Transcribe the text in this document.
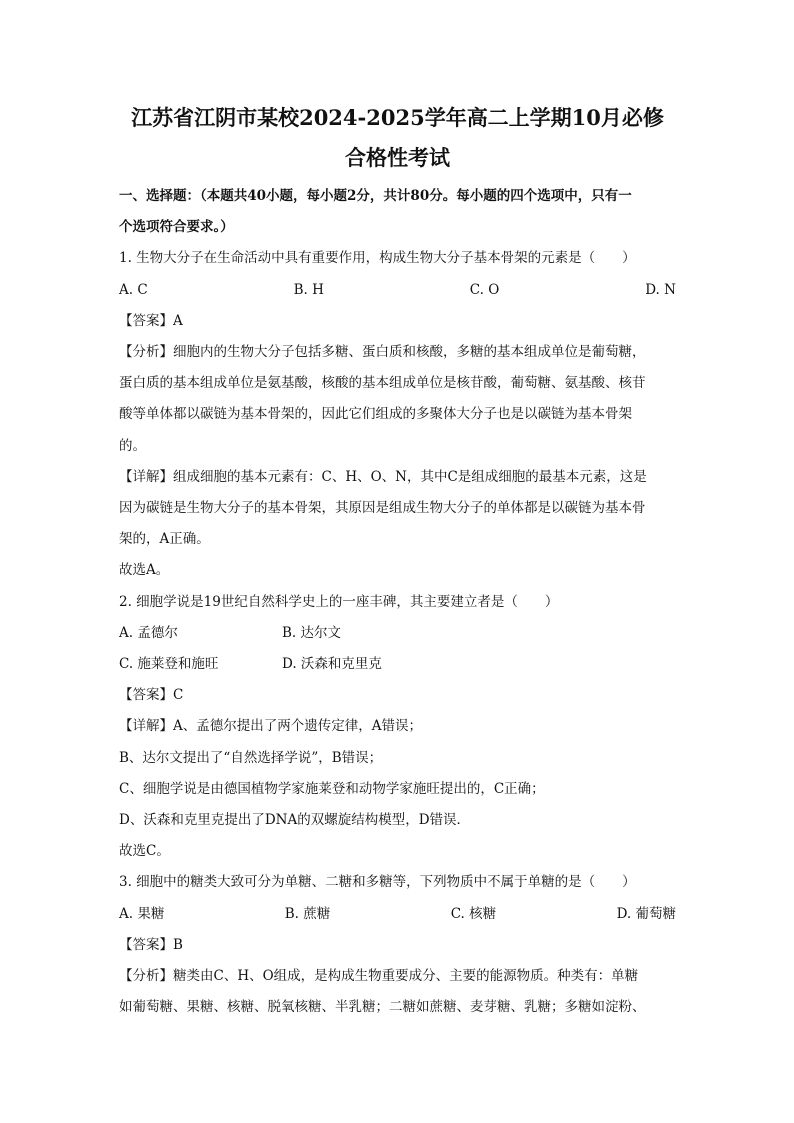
江苏省江阴市某校2024-2025学年高二上学期10月必修
合格性考试

一、选择题：（本题共40小题，每小题2分，共计80分。每小题的四个选项中，只有一

个选项符合要求。）

1. 生物大分子在生命活动中具有重要作用，构成生物大分子基本骨架的元素是（　　）

A. C	B. H	C. O	D. N

【答案】A

【分析】细胞内的生物大分子包括多糖、蛋白质和核酸，多糖的基本组成单位是葡萄糖，

蛋白质的基本组成单位是氨基酸，核酸的基本组成单位是核苷酸，葡萄糖、氨基酸、核苷

酸等单体都以碳链为基本骨架的，因此它们组成的多聚体大分子也是以碳链为基本骨架

的。

【详解】组成细胞的基本元素有：C、H、O、N，其中C是组成细胞的最基本元素，这是

因为碳链是生物大分子的基本骨架，其原因是组成生物大分子的单体都是以碳链为基本骨

架的，A正确。

故选A。

2. 细胞学说是19世纪自然科学史上的一座丰碑，其主要建立者是（　　）

A. 孟德尔	B. 达尔文
C. 施莱登和施旺	D. 沃森和克里克

【答案】C

【详解】A、孟德尔提出了两个遗传定律，A错误；

B、达尔文提出了“自然选择学说”，B错误；

C、细胞学说是由德国植物学家施莱登和动物学家施旺提出的，C正确；

D、沃森和克里克提出了DNA的双螺旋结构模型，D错误．

故选C。

3. 细胞中的糖类大致可分为单糖、二糖和多糖等，下列物质中不属于单糖的是（　　）

A. 果糖	B. 蔗糖	C. 核糖	D. 葡萄糖

【答案】B

【分析】糖类由C、H、O组成，是构成生物重要成分、主要的能源物质。种类有：单糖

如葡萄糖、果糖、核糖、脱氧核糖、半乳糖；二糖如蔗糖、麦芽糖、乳糖；多糖如淀粉、
